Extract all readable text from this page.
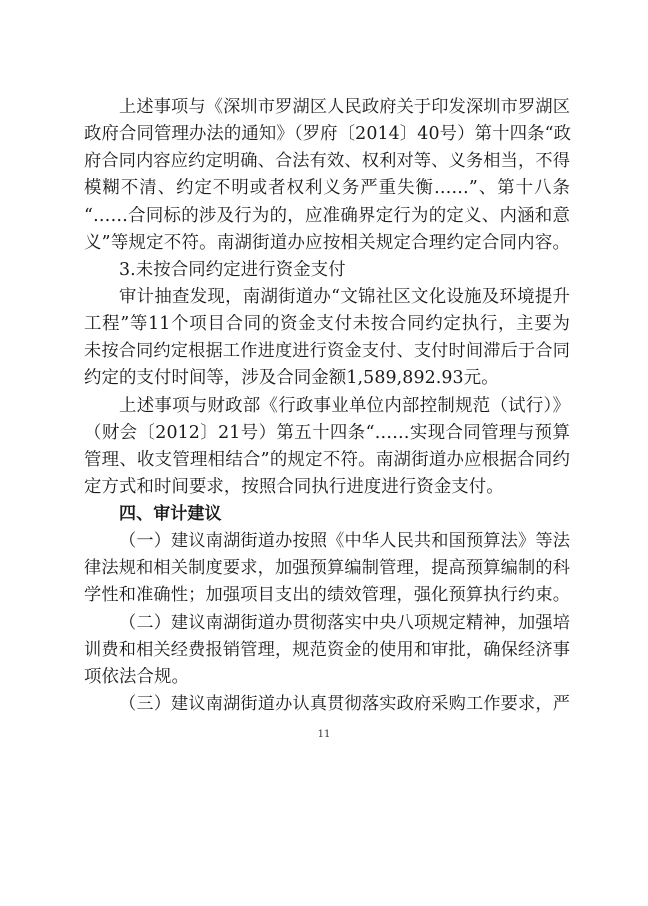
上述事项与《深圳市罗湖区人民政府关于印发深圳市罗湖区
政府合同管理办法的通知》（罗府〔2014〕40号）第十四条“政
府合同内容应约定明确、合法有效、权利对等、义务相当，不得
模糊不清、约定不明或者权利义务严重失衡……”、第十八条
“……合同标的涉及行为的，应准确界定行为的定义、内涵和意
义”等规定不符。南湖街道办应按相关规定合理约定合同内容。
3.未按合同约定进行资金支付
审计抽查发现，南湖街道办“文锦社区文化设施及环境提升
工程”等11个项目合同的资金支付未按合同约定执行，主要为
未按合同约定根据工作进度进行资金支付、支付时间滞后于合同
约定的支付时间等，涉及合同金额1,589,892.93元。
上述事项与财政部《行政事业单位内部控制规范（试行）》
（财会〔2012〕21号）第五十四条“……实现合同管理与预算
管理、收支管理相结合”的规定不符。南湖街道办应根据合同约
定方式和时间要求，按照合同执行进度进行资金支付。
四、审计建议
（一）建议南湖街道办按照《中华人民共和国预算法》等法
律法规和相关制度要求，加强预算编制管理，提高预算编制的科
学性和准确性；加强项目支出的绩效管理，强化预算执行约束。
（二）建议南湖街道办贯彻落实中央八项规定精神，加强培
训费和相关经费报销管理，规范资金的使用和审批，确保经济事
项依法合规。
（三）建议南湖街道办认真贯彻落实政府采购工作要求，严
11
